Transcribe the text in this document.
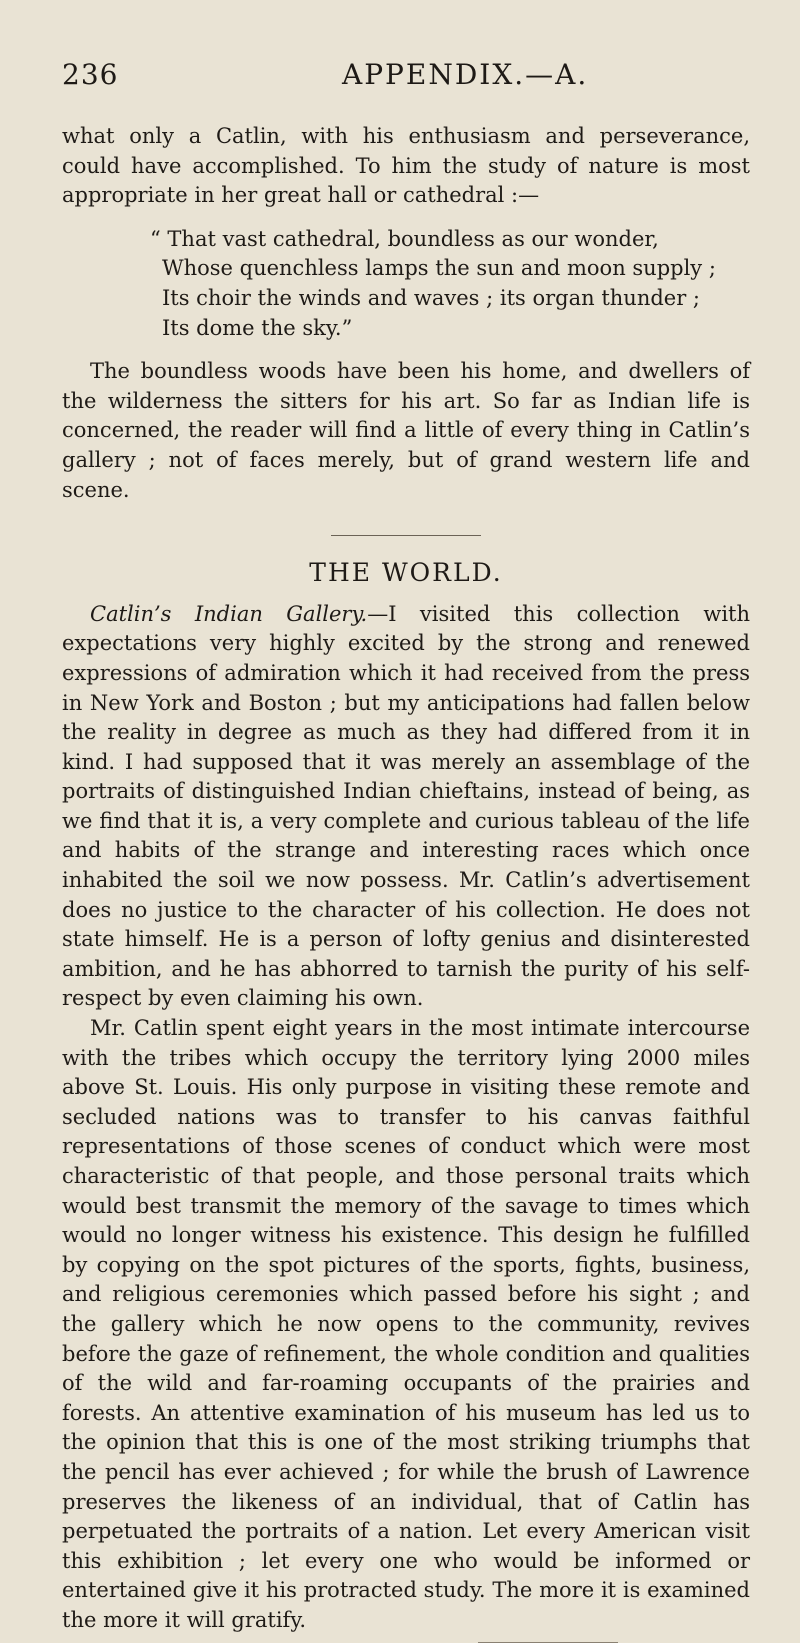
236	APPENDIX.—A.

what only a Catlin, with his enthusiasm and perseverance, could have accomplished. To him the study of nature is most appropriate in her great hall or cathedral :—

“ That vast cathedral, boundless as our wonder,
Whose quenchless lamps the sun and moon supply ;
Its choir the winds and waves ; its organ thunder ;
Its dome the sky.”

The boundless woods have been his home, and dwellers of the wilderness the sitters for his art. So far as Indian life is concerned, the reader will find a little of every thing in Catlin’s gallery ; not of faces merely, but of grand western life and scene.

THE WORLD.

Catlin’s Indian Gallery.—I visited this collection with expectations very highly excited by the strong and renewed expressions of admiration which it had received from the press in New York and Boston ; but my anticipations had fallen below the reality in degree as much as they had differed from it in kind. I had supposed that it was merely an assemblage of the portraits of distinguished Indian chieftains, instead of being, as we find that it is, a very complete and curious tableau of the life and habits of the strange and interesting races which once inhabited the soil we now possess. Mr. Catlin’s advertisement does no justice to the character of his collection. He does not state himself. He is a person of lofty genius and disinterested ambition, and he has abhorred to tarnish the purity of his self-respect by even claiming his own.

Mr. Catlin spent eight years in the most intimate intercourse with the tribes which occupy the territory lying 2000 miles above St. Louis. His only purpose in visiting these remote and secluded nations was to transfer to his canvas faithful representations of those scenes of conduct which were most characteristic of that people, and those personal traits which would best transmit the memory of the savage to times which would no longer witness his existence. This design he fulfilled by copying on the spot pictures of the sports, fights, business, and religious ceremonies which passed before his sight ; and the gallery which he now opens to the community, revives before the gaze of refinement, the whole condition and qualities of the wild and far-roaming occupants of the prairies and forests. An attentive examination of his museum has led us to the opinion that this is one of the most striking triumphs that the pencil has ever achieved ; for while the brush of Lawrence preserves the likeness of an individual, that of Catlin has perpetuated the portraits of a nation. Let every American visit this exhibition ; let every one who would be informed or entertained give it his protracted study. The more it is examined the more it will gratify.
